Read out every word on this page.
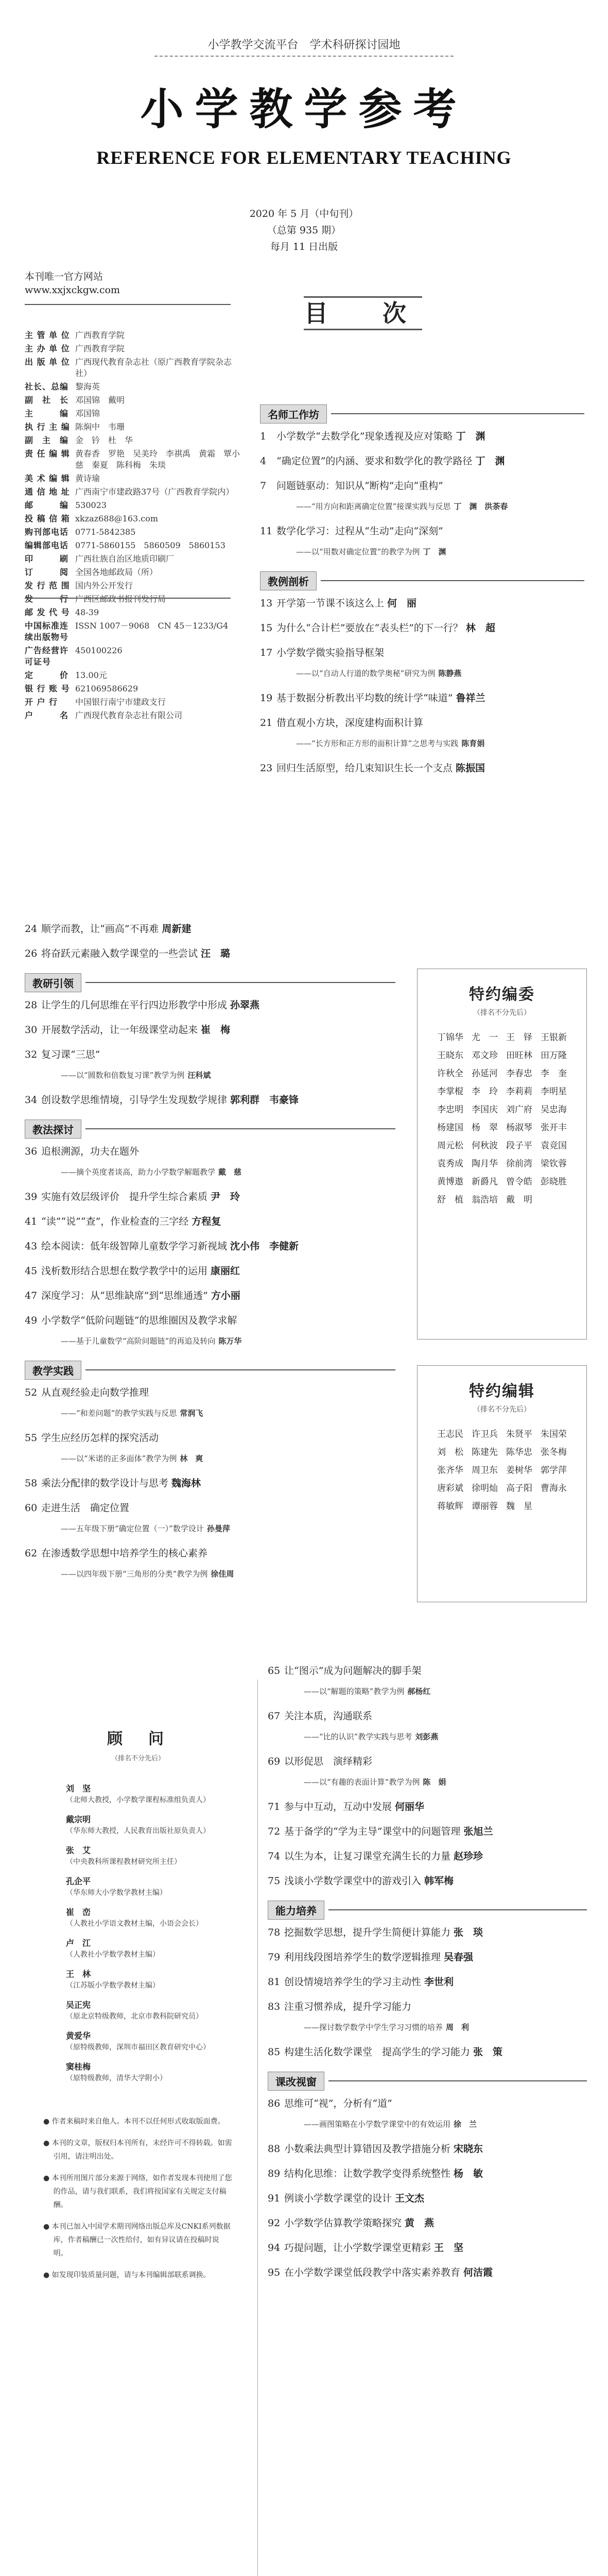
小学教学交流平台　学术科研探讨园地
小学教学参考
REFERENCE FOR ELEMENTARY TEACHING
2020 年 5 月（中旬刊）
（总第 935 期）
每月 11 日出版
本刊唯一官方网站
www.xxjxckgw.com
目　次
主 管 单 位 广西教育学院
主 办 单 位 广西教育学院
出 版 单 位 广西现代教育杂志社（原广西教育学院杂志社）
社长、总编 黎海英
副　社　长 邓国锦　戴明
主　　　编 邓国锦
执 行 主 编 陈焖中　韦珊
副　主　编 金　钤　杜　华
责 任 编 辑 黄春香　罗艳　吴美玲　李祺禹　黄霜　覃小慈　秦夏　陈科梅　朱琰
美 术 编 辑 黄诗瑜
通 信 地 址 广西南宁市建政路37号（广西教育学院内）
邮　　　编 530023
投 稿 信 箱 xkzaz688@163.com
购刊部电话 0771-5842385
编辑部电话 0771-5860155　5860509　5860153
印　　　刷 广西壮族自治区地质印刷厂
订　　　阅 全国各地邮政局（所）
发 行 范 围 国内外公开发行
发　　　行 广西区邮政书报刊发行局
邮 发 代 号 48-39
中国标准连续出版物号
ISSN 1007－9068　CN 45－1233/G4
广告经营许可证号
450100226
定　　　价 13.00元
银 行 账 号 621069586629
开 户 行	中国银行南宁市建政支行
户　　　名 广西现代教育杂志社有限公司
名师工作坊
1 小学数学“去数学化”现象透视及应对策略 丁　渊
4 “确定位置”的内涵、要求和数学化的教学路径 丁　渊
7 问题链驱动：知识从“断构”走向“重构”
——“用方向和距离确定位置”接课实践与反思 丁　渊　洪荼春
11 数学化学习：过程从“生动”走向“深刻”
——以“用数对确定位置”的教学为例 丁　渊
教例剖析
13 开学第一节课不该这么上 何　丽
15 为什么“合计栏”要放在“表头栏”的下一行？ 林　超
17 小学数学微实验指导框架
——以“自动人行道的数学奥秘”研究为例 陈静燕
19 基于数据分析教出平均数的统计学“味道” 鲁祥兰
21 借直观小方块，深度建构面积计算
——“长方形和正方形的面积计算”之思考与实践 陈育娟
23 回归生活原型，给几束知识生长一个支点 陈振国
24 顺学而教，让“画高”不再难 周新建
26 将奋跃元素融入数学课堂的一些尝试 汪　璐
教研引领
28 让学生的几何思维在平行四边形教学中形成 孙翠燕
30 开展数学活动，让一年级课堂动起来 崔　梅
32 复习课“三思”
——以“圆数和倍数复习课”教学为例 汪科斌
34 创设数学思维情境，引导学生发现数学规律 郭利群　韦豪锋
教法探讨
36 追根溯源，功夫在题外
——摘个英度者谈高，助力小学数学解题教学 戴　慈
39 实施有效层级评价　提升学生综合素质 尹　玲
41 “读”“说”“查”，作业检查的三字经 方程复
43 绘本阅读：低年级智障儿童数学学习新视域 沈小伟　李健新
45 浅析数形结合思想在数学教学中的运用 康丽红
47 深度学习：从“思维缺席”到“思维通透” 方小丽
49 小学数学“低阶问题链”的思维圈因及教学求解
——基于儿童数学“高阶问题链”的再追及转向 陈万华
教学实践
52 从直观经验走向数学推理
——“和差问题”的教学实践与反思 常润飞
55 学生应经历怎样的探究活动
——以“米诺的正多面体”教学为例 林　爽
58 乘法分配律的数学设计与思考 魏海林
60 走进生活　确定位置
——五年级下册“确定位置（一）”数学设计 孙曼萍
62 在渗透数学思想中培养学生的核心素养
——以四年级下册“三角形的分类”教学为例 徐佳周
特约编委
（排名不分先后）
丁锦华 尤　一 王　铎 王银新
王晓东 邓文珍 田旺林 田万隆
许秋全 孙延河 李春忠 李　奎
李掌棍 李　玲 李莉莉 李明星
李忠明 李国庆 刘广府 吴忠海
杨建国 杨　翠 杨淑琴 张开丰
周元松 何秋波 段子平 袁竞国
袁秀成 陶月华 徐前湾 梁钦蓉
黄博遨 新爵凡 曾令皓 彭晓胜
舒　植 翁浩培 戴　明
特约编辑
（排名不分先后）
王志民 许卫兵 朱贤平 朱国荣
刘　松 陈建先 陈华忠 张冬梅
张齐华 周卫东 姜树华 郭学萍
唐彩斌 徐明灿 高子阳 曹海永
蒋敏辉 谭丽蓉 魏　星
顾　问
（排名不分先后）
刘　坚
（北师大教授，小学数学课程标准组负责人）
戴宗明
（华东师大教授，人民教育出版社原负责人）
张　艾
（中央教科所课程教材研究所主任）
孔企平
（华东师大小学数学教材主编）
崔　峦
（人教社小学语文教材主编，小语会会长）
卢　江
（人教社小学数学教材主编）
王　林
（江苏版小学数学教材主编）
吴正宪
（原北京特级教师，北京市教科院研究员）
黄爱华
（原特级教师，深圳市福田区教育研究中心）
窦桂梅
（原特级教师，清华大学附小）

● 作者来稿时来自他人。本刊不以任何形式收取版面费。

● 本刊的文章，版权归本刊所有，未经许可不得转载。如需引用，请注明出处。

● 本刊所用图片部分来源于网络，如作者发现本刊使用了您的作品，请与我们联系，我们将按国家有关规定支付稿酬。

● 本刊已加入中国学术期刊网络出版总库及CNKI系列数据库，作者稿酬已一次性给付，如有异议请在投稿时说明。

● 如发现印装质量问题，请与本刊编辑部联系调换。

65 让“图示”成为问题解决的脚手架
——以“解题的策略”教学为例 郝杨红
67 关注本质，沟通联系
——“比的认识”教学实践与思考 刘彭燕
69 以形促思　演绎精彩
——以“有趣的表面计算”教学为例 陈　娟
71 参与中互动，互动中发展 何丽华
72 基于备学的“学为主导”课堂中的问题管理 张旭兰
74 以生为本，让复习课堂充满生长的力量 赵珍珍
75 浅谈小学数学课堂中的游戏引入 韩军梅
能力培养
78 挖掘数学思想，提升学生简便计算能力 张　琰
79 利用线段图培养学生的数学逻辑推理 吴春强
81 创设情境培养学生的学习主动性 李世利
83 注重习惯养成，提升学习能力
——探讨数学数学中学生学习习惯的培养 周　利
85 构建生活化数学课堂　提高学生的学习能力 张　策
课改视窗
86 思维可“视”，分析有“道”
——画图策略在小学数学课堂中的有效运用 徐　兰
88 小数乘法典型计算错因及教学措施分析 宋晓东
89 结构化思维：让数学教学变得系统整性 杨　敏
91 例谈小学数学课堂的设计 王文杰
92 小学数学估算教学策略探究 黄　燕
94 巧提问题，让小学数学课堂更精彩 王　坚
95 在小学数学课堂低段教学中落实素养教育 何洁霞
